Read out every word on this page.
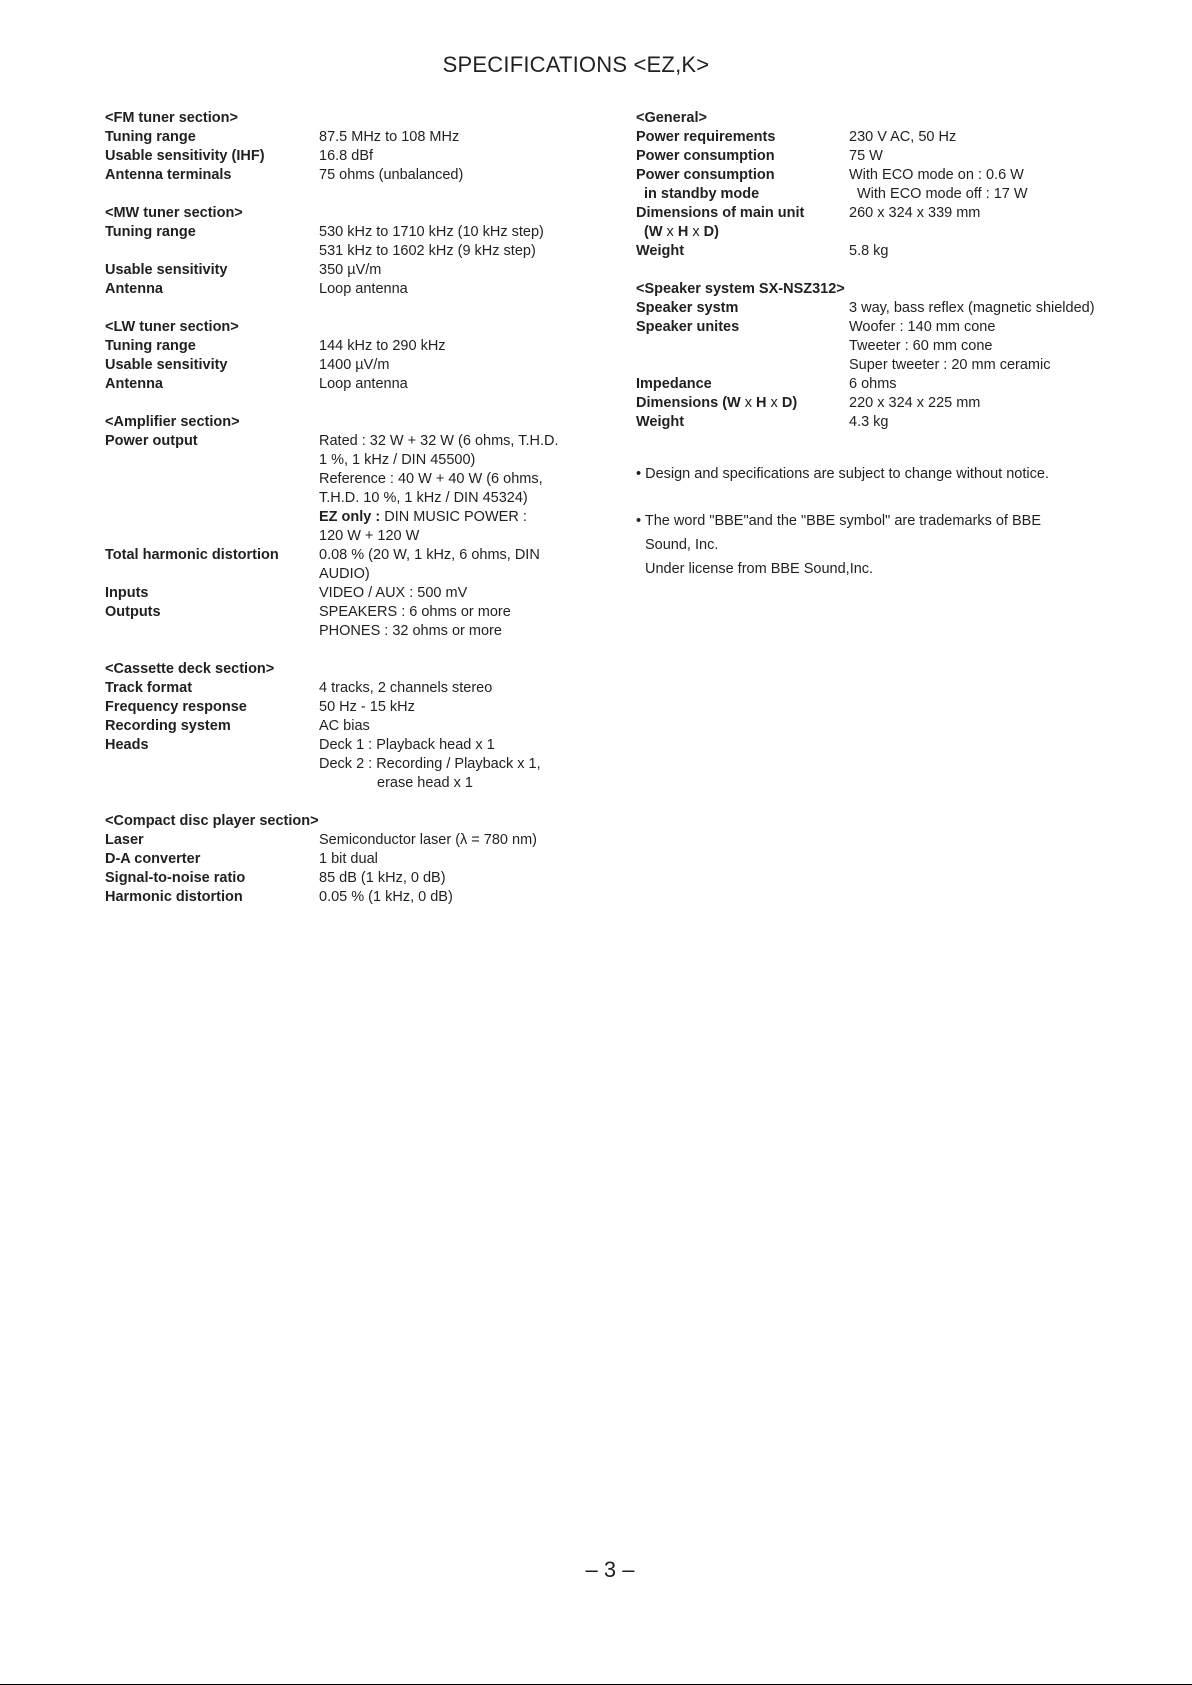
SPECIFICATIONS <EZ,K>
<FM tuner section>
Tuning range	87.5 MHz to 108 MHz
Usable sensitivity (IHF)	16.8 dBf
Antenna terminals	75 ohms (unbalanced)
<MW tuner section>
Tuning range	530 kHz to 1710 kHz (10 kHz step)
531 kHz to 1602 kHz (9 kHz step)
Usable sensitivity	350 µV/m
Antenna	Loop antenna
<LW tuner section>
Tuning range	144 kHz to 290 kHz
Usable sensitivity	1400 µV/m
Antenna	Loop antenna
<Amplifier section>
Power output	Rated : 32 W + 32 W (6 ohms, T.H.D.
1 %, 1 kHz / DIN 45500)
Reference : 40 W + 40 W (6 ohms,
T.H.D. 10 %, 1 kHz / DIN 45324)
EZ only : DIN MUSIC POWER :
120 W + 120 W
Total harmonic distortion	0.08 % (20 W, 1 kHz, 6 ohms, DIN
AUDIO)
Inputs	VIDEO / AUX : 500 mV
Outputs	SPEAKERS : 6 ohms or more
PHONES : 32 ohms or more
<Cassette deck section>
Track format	4 tracks, 2 channels stereo
Frequency response	50 Hz - 15 kHz
Recording system	AC bias
Heads	Deck 1 : Playback head x 1
Deck 2 : Recording / Playback x 1,
erase head x 1
<Compact disc player section>
Laser	Semiconductor laser (λ = 780 nm)
D-A converter	1 bit dual
Signal-to-noise ratio	85 dB (1 kHz, 0 dB)
Harmonic distortion	0.05 % (1 kHz, 0 dB)
<General>
Power requirements	230 V AC, 50 Hz
Power consumption	75 W
Power consumption	With ECO mode on : 0.6 W
in standby mode	With ECO mode off : 17 W
Dimensions of main unit	260 x 324 x 339 mm
(W x H x D)
Weight	5.8 kg
<Speaker system SX-NSZ312>
Speaker systm	3 way, bass reflex (magnetic shielded)
Speaker unites	Woofer : 140 mm cone
Tweeter : 60 mm cone
Super tweeter : 20 mm ceramic
Impedance	6 ohms
Dimensions (W x H x D)	220 x 324 x 225 mm
Weight	4.3 kg
• Design and specifications are subject to change without notice.
• The word "BBE"and the "BBE symbol" are trademarks of BBE
Sound, Inc.
Under license from BBE Sound,Inc.
– 3 –
